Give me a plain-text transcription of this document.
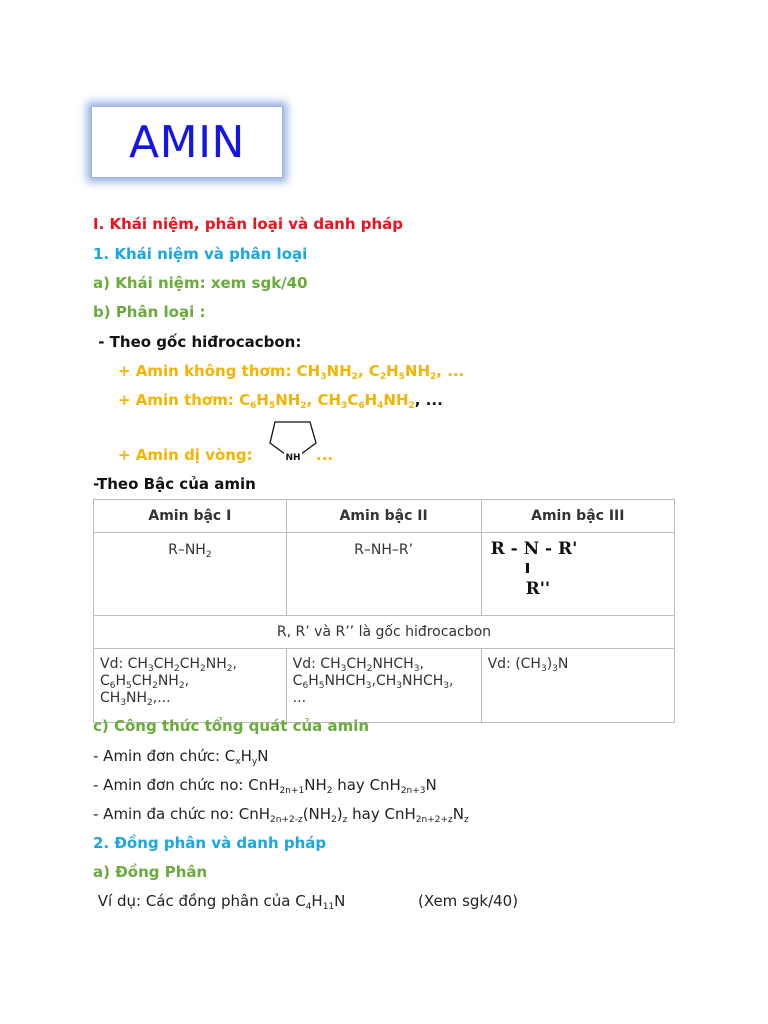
AMIN
I. Khái niệm, phân loại và danh pháp
1. Khái niệm và phân loại
a) Khái niệm: xem sgk/40
b) Phân loại :
- Theo gốc hiđrocacbon:
+ Amin không thơm: $CH_3NH_2$, $C_2H_5NH_2$, ...
+ Amin thơm: $C_6H_5NH_2$, $CH_3C_6H_4NH_2$, ...
+ Amin dị vòng:	NH ...
-Theo Bậc của amin
Amin bậc I	Amin bậc II	Amin bậc III
$R-NH_2$	R–NH–R’	R - N - R'
R''

R, R’ và R’’ là gốc hiđrocacbon		
Vd: $CH_3CH_2CH_2NH_2$,
$C_6H_5CH_2NH_2$,
$CH_3NH_2$,...	Vd: $CH_3CH_2NHCH_3$,
$C_6H_5NHCH_3,CH_3NHCH_3$,
...	Vd: $(CH_3)_3N$
c) Công thức tổng quát của amin
- Amin đơn chức: $C_xH_yN$
- Amin đơn chức no: $CnH_{2n+1}NH_2$ hay CnH$_{2n+3}$N
- Amin đa chức no: $CnH_{2n+2-z}(NH_2)_z$ hay $CnH_{2n+2+z}N_z$
2. Đồng phân và danh pháp
a) Đồng Phân
Ví dụ: Các đồng phân của $C_4H_{11}N$	(Xem sgk/40)
